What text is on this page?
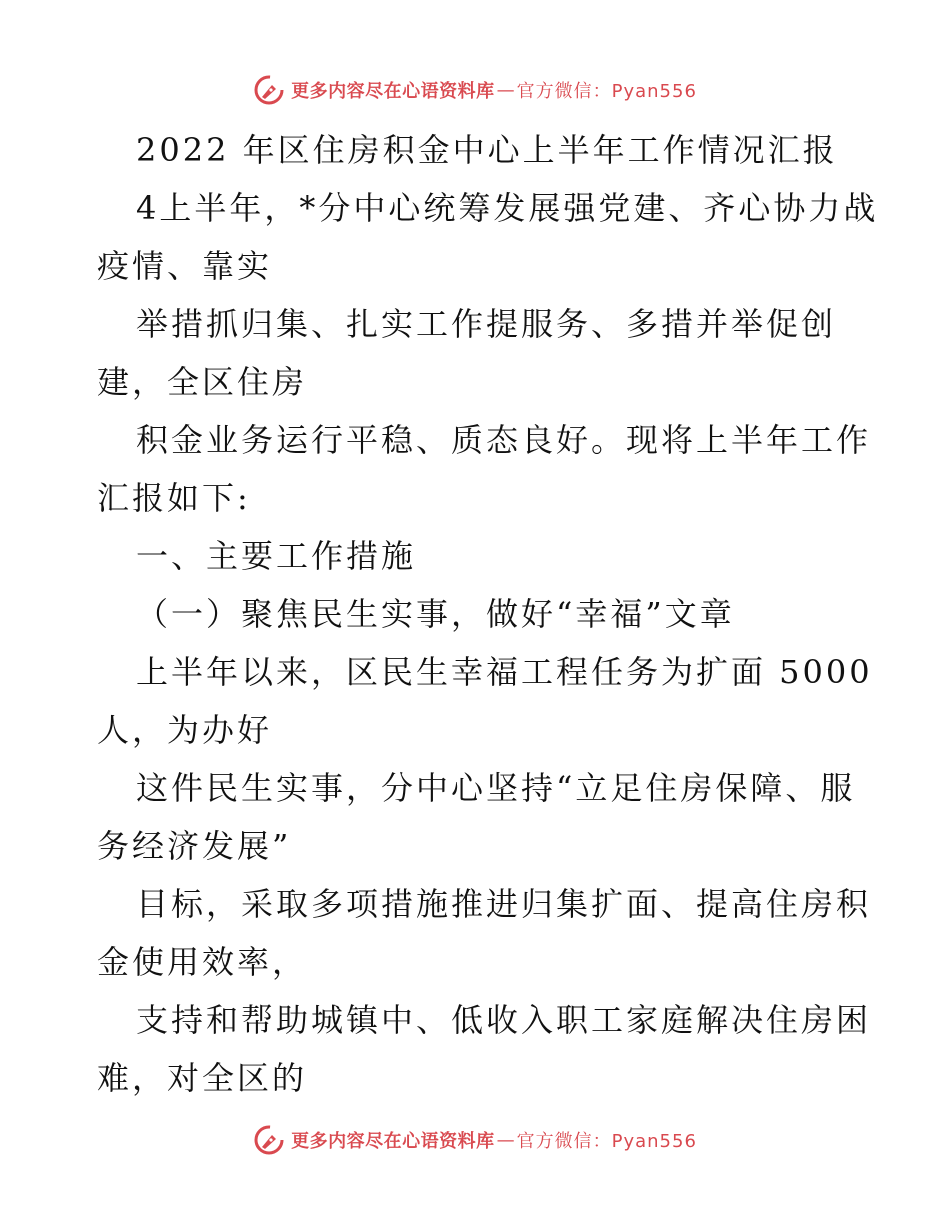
更多内容尽在心语资料库 — 官方微信：Pyan556

2022 年区住房积金中心上半年工作情况汇报

4上半年，*分中心统筹发展强党建、齐心协力战

疫情、靠实

举措抓归集、扎实工作提服务、多措并举促创

建，全区住房

积金业务运行平稳、质态良好。现将上半年工作

汇报如下:

一、主要工作措施

（一）聚焦民生实事，做好“幸福”文章

上半年以来，区民生幸福工程任务为扩面 5000

人，为办好

这件民生实事，分中心坚持“立足住房保障、服

务经济发展”

目标，采取多项措施推进归集扩面、提高住房积

金使用效率，

支持和帮助城镇中、低收入职工家庭解决住房困

难，对全区的

更多内容尽在心语资料库 — 官方微信：Pyan556
